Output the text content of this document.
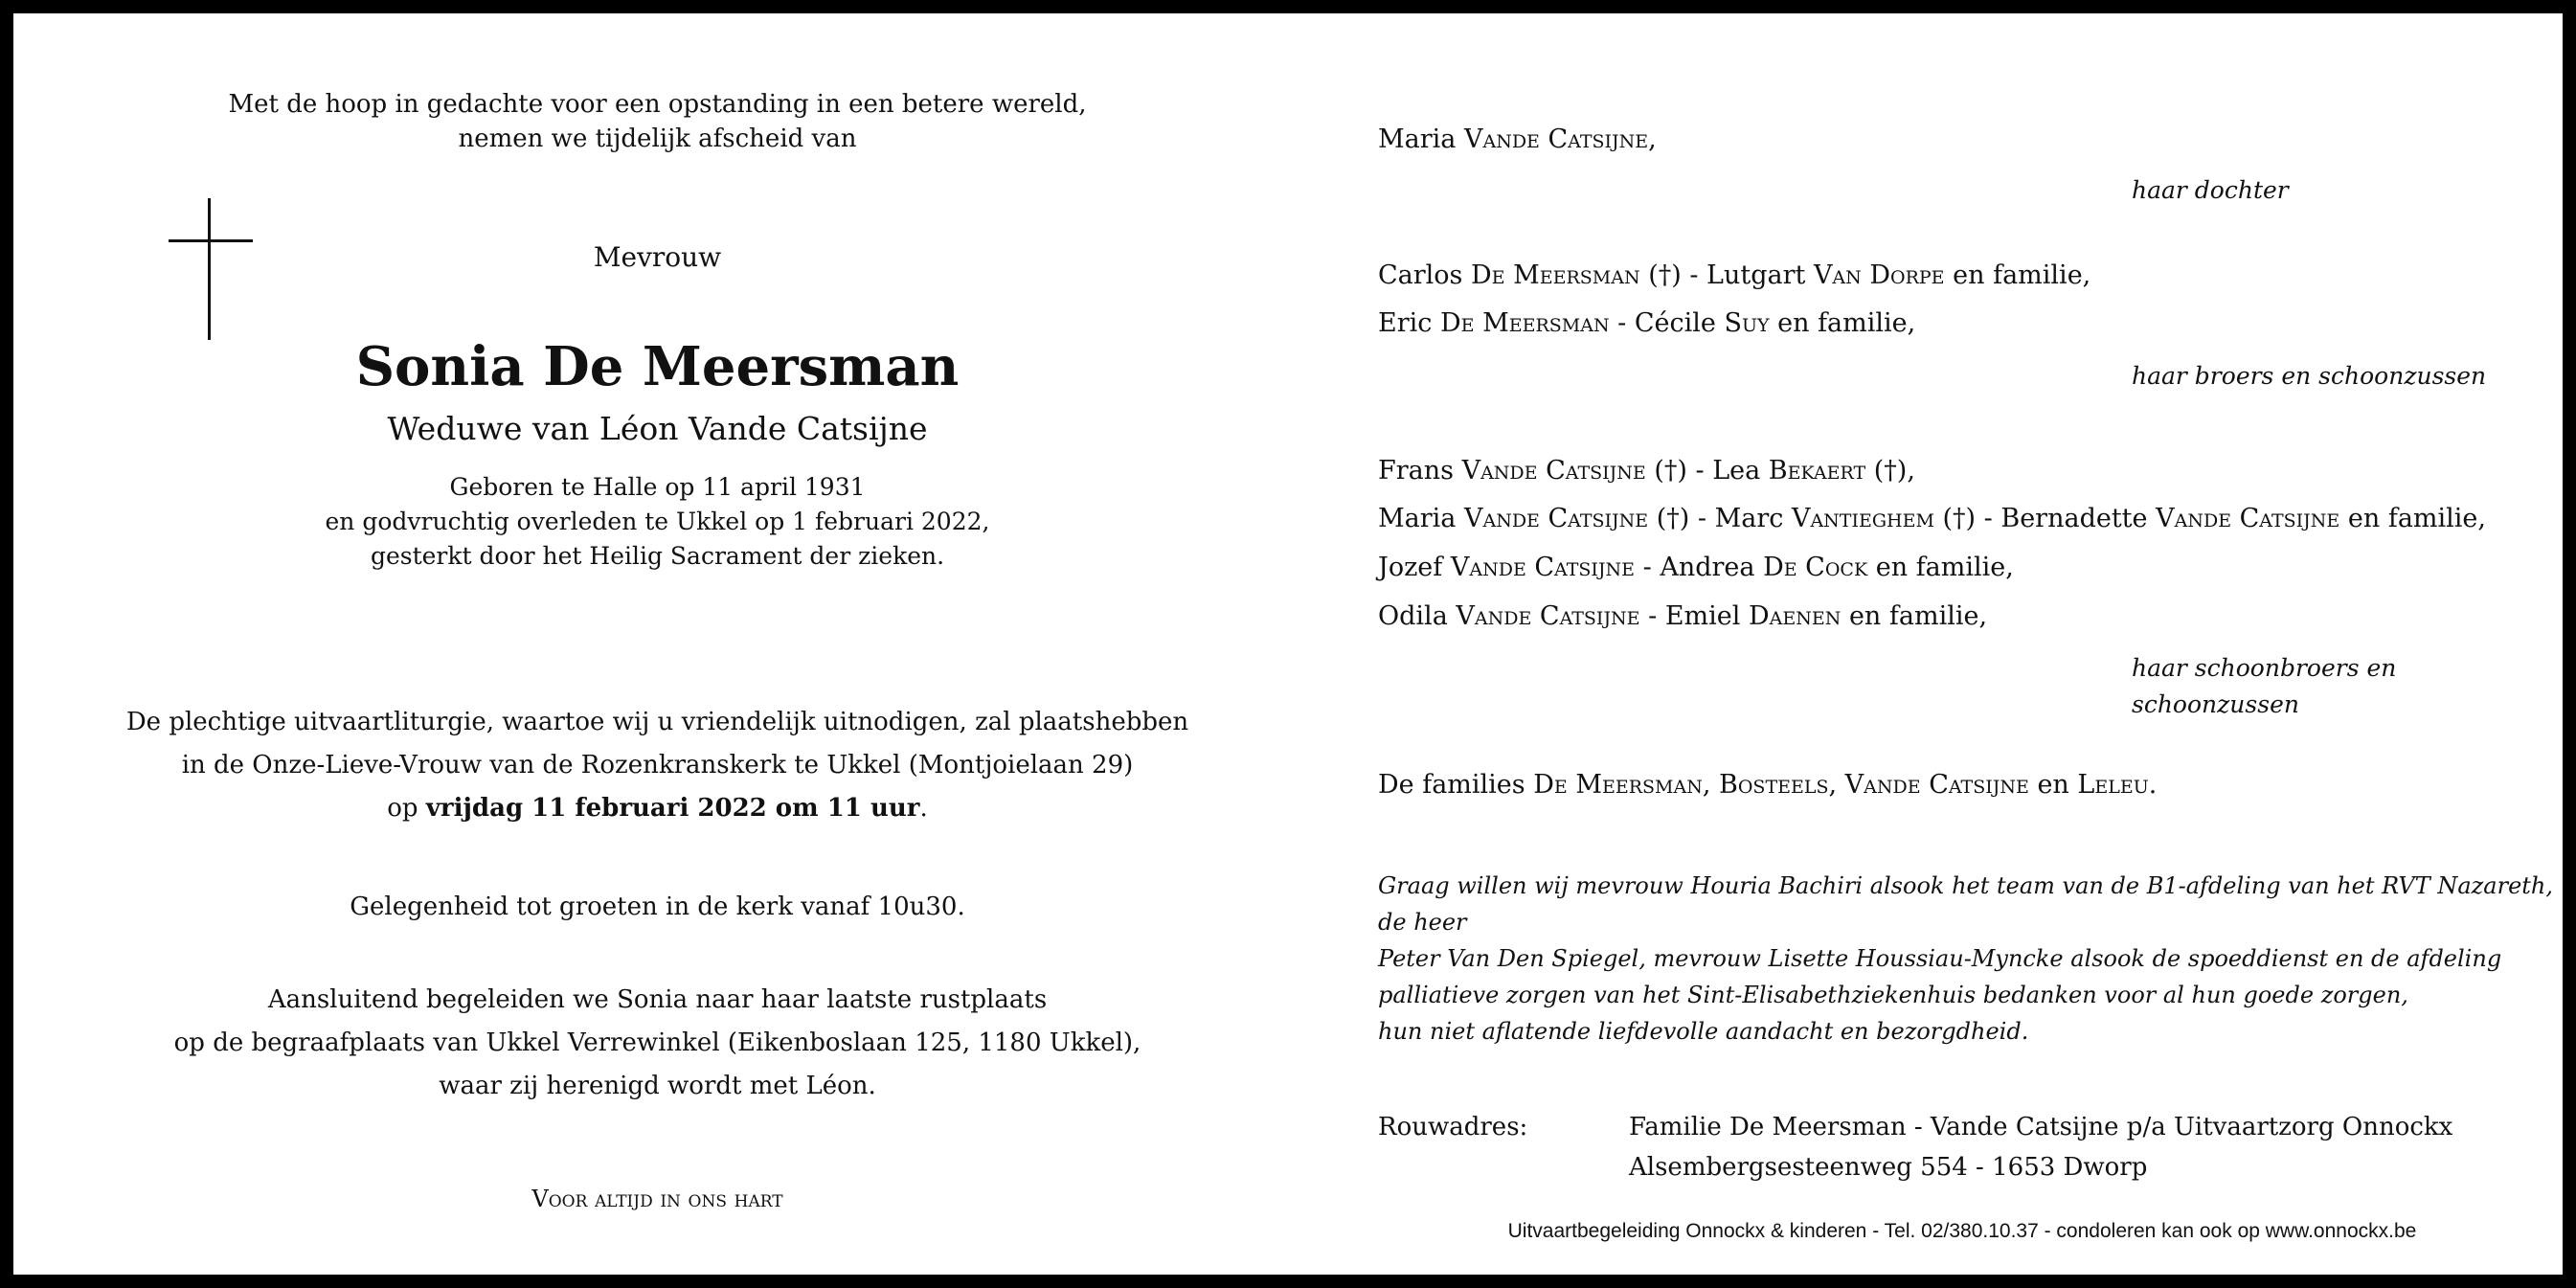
Met de hoop in gedachte voor een opstanding in een betere wereld,
nemen we tijdelijk afscheid van
Mevrouw
Sonia De Meersman
Weduwe van Léon Vande Catsijne
Geboren te Halle op 11 april 1931
en godvruchtig overleden te Ukkel op 1 februari 2022,
gesterkt door het Heilig Sacrament der zieken.
De plechtige uitvaartliturgie, waartoe wij u vriendelijk uitnodigen, zal plaatshebben
in de Onze-Lieve-Vrouw van de Rozenkranskerk te Ukkel (Montjoielaan 29)
op vrijdag 11 februari 2022 om 11 uur.
Gelegenheid tot groeten in de kerk vanaf 10u30.
Aansluitend begeleiden we Sonia naar haar laatste rustplaats
op de begraafplaats van Ukkel Verrewinkel (Eikenboslaan 125, 1180 Ukkel),
waar zij herenigd wordt met Léon.
Voor altijd in ons hart
Maria Vande Catsijne,
haar dochter
Carlos De Meersman (†) - Lutgart Van Dorpe en familie,
Eric De Meersman - Cécile Suy en familie,
haar broers en schoonzussen
Frans Vande Catsijne (†) - Lea Bekaert (†),
Maria Vande Catsijne (†) - Marc Vantieghem (†) - Bernadette Vande Catsijne en familie,
Jozef Vande Catsijne - Andrea De Cock en familie,
Odila Vande Catsijne - Emiel Daenen en familie,
haar schoonbroers en
schoonzussen
De families De Meersman, Bosteels, Vande Catsijne en Leleu.
Graag willen wij mevrouw Houria Bachiri alsook het team van de B1-afdeling van het RVT Nazareth, de heer
Peter Van Den Spiegel, mevrouw Lisette Houssiau-Myncke alsook de spoeddienst en de afdeling
palliatieve zorgen van het Sint-Elisabethziekenhuis bedanken voor al hun goede zorgen,
hun niet aflatende liefdevolle aandacht en bezorgdheid.
Rouwadres:	Familie De Meersman - Vande Catsijne p/a Uitvaartzorg Onnockx
Alsembergsesteenweg 554 - 1653 Dworp
Uitvaartbegeleiding Onnockx & kinderen - Tel. 02/380.10.37 - condoleren kan ook op www.onnockx.be
